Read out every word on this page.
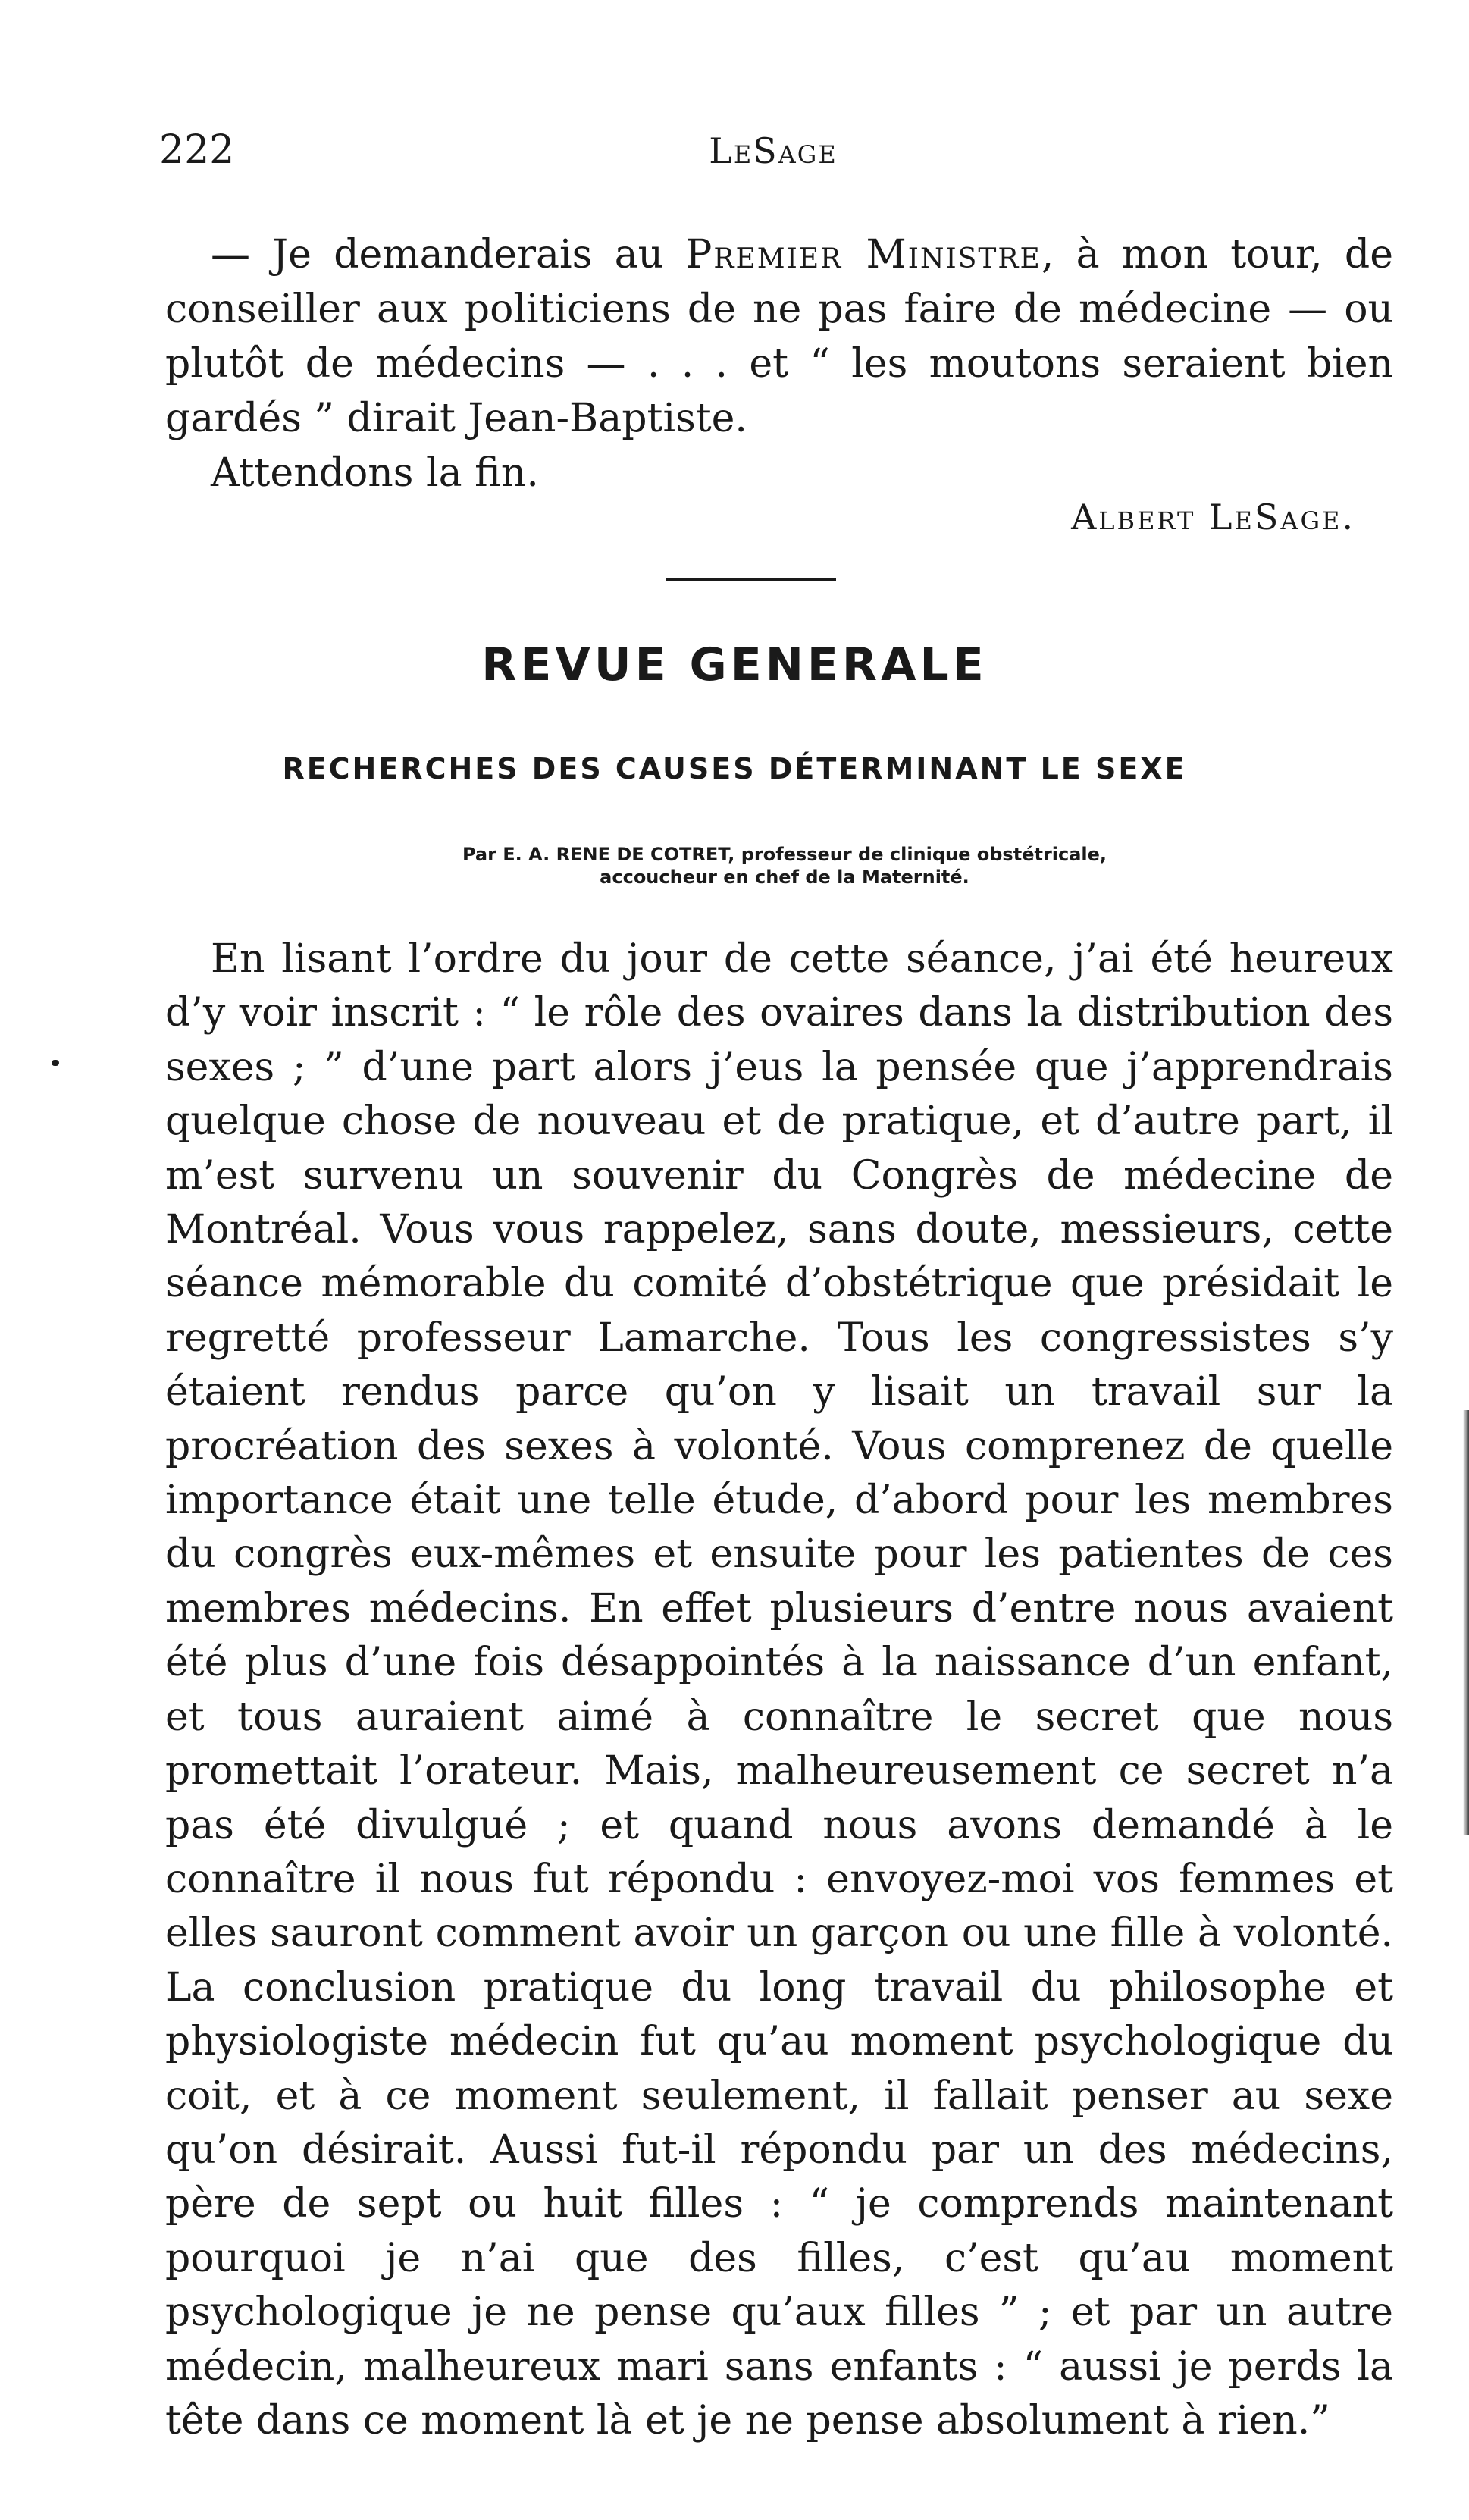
222	LeSage

— Je demanderais au Premier Ministre, à mon tour, de conseiller aux politiciens de ne pas faire de médecine — ou plutôt de médecins — . . . et “ les moutons seraient bien gardés ” dirait Jean-Baptiste.

Attendons la fin.

Albert LeSage.
REVUE GENERALE
RECHERCHES DES CAUSES DÉTERMINANT LE SEXE
Par E. A. RENE DE COTRET, professeur de clinique obstétricale,
accoucheur en chef de la Maternité.

En lisant l’ordre du jour de cette séance, j’ai été heureux d’y voir inscrit : “ le rôle des ovaires dans la distribution des sexes ; ” d’une part alors j’eus la pensée que j’apprendrais quelque chose de nouveau et de pratique, et d’autre part, il m’est survenu un souvenir du Congrès de médecine de Montréal. Vous vous rappelez, sans doute, messieurs, cette séance mémorable du comité d’obstétrique que présidait le regretté professeur Lamarche. Tous les congressistes s’y étaient rendus parce qu’on y lisait un travail sur la procréation des sexes à volonté. Vous comprenez de quelle importance était une telle étude, d’abord pour les membres du congrès eux-mêmes et ensuite pour les patientes de ces membres médecins. En effet plusieurs d’entre nous avaient été plus d’une fois désappointés à la naissance d’un enfant, et tous auraient aimé à connaître le secret que nous promettait l’orateur. Mais, malheureusement ce secret n’a pas été divulgué ; et quand nous avons demandé à le connaître il nous fut répondu : envoyez-moi vos femmes et elles sauront comment avoir un garçon ou une fille à volonté. La conclusion pratique du long travail du philosophe et physiologiste médecin fut qu’au moment psychologique du coit, et à ce moment seulement, il fallait penser au sexe qu’on désirait. Aussi fut-il répondu par un des médecins, père de sept ou huit filles : “ je comprends maintenant pourquoi je n’ai que des filles, c’est qu’au moment psychologique je ne pense qu’aux filles ” ; et par un autre médecin, malheureux mari sans enfants : “ aussi je perds la tête dans ce moment là et je ne pense absolument à rien.”
